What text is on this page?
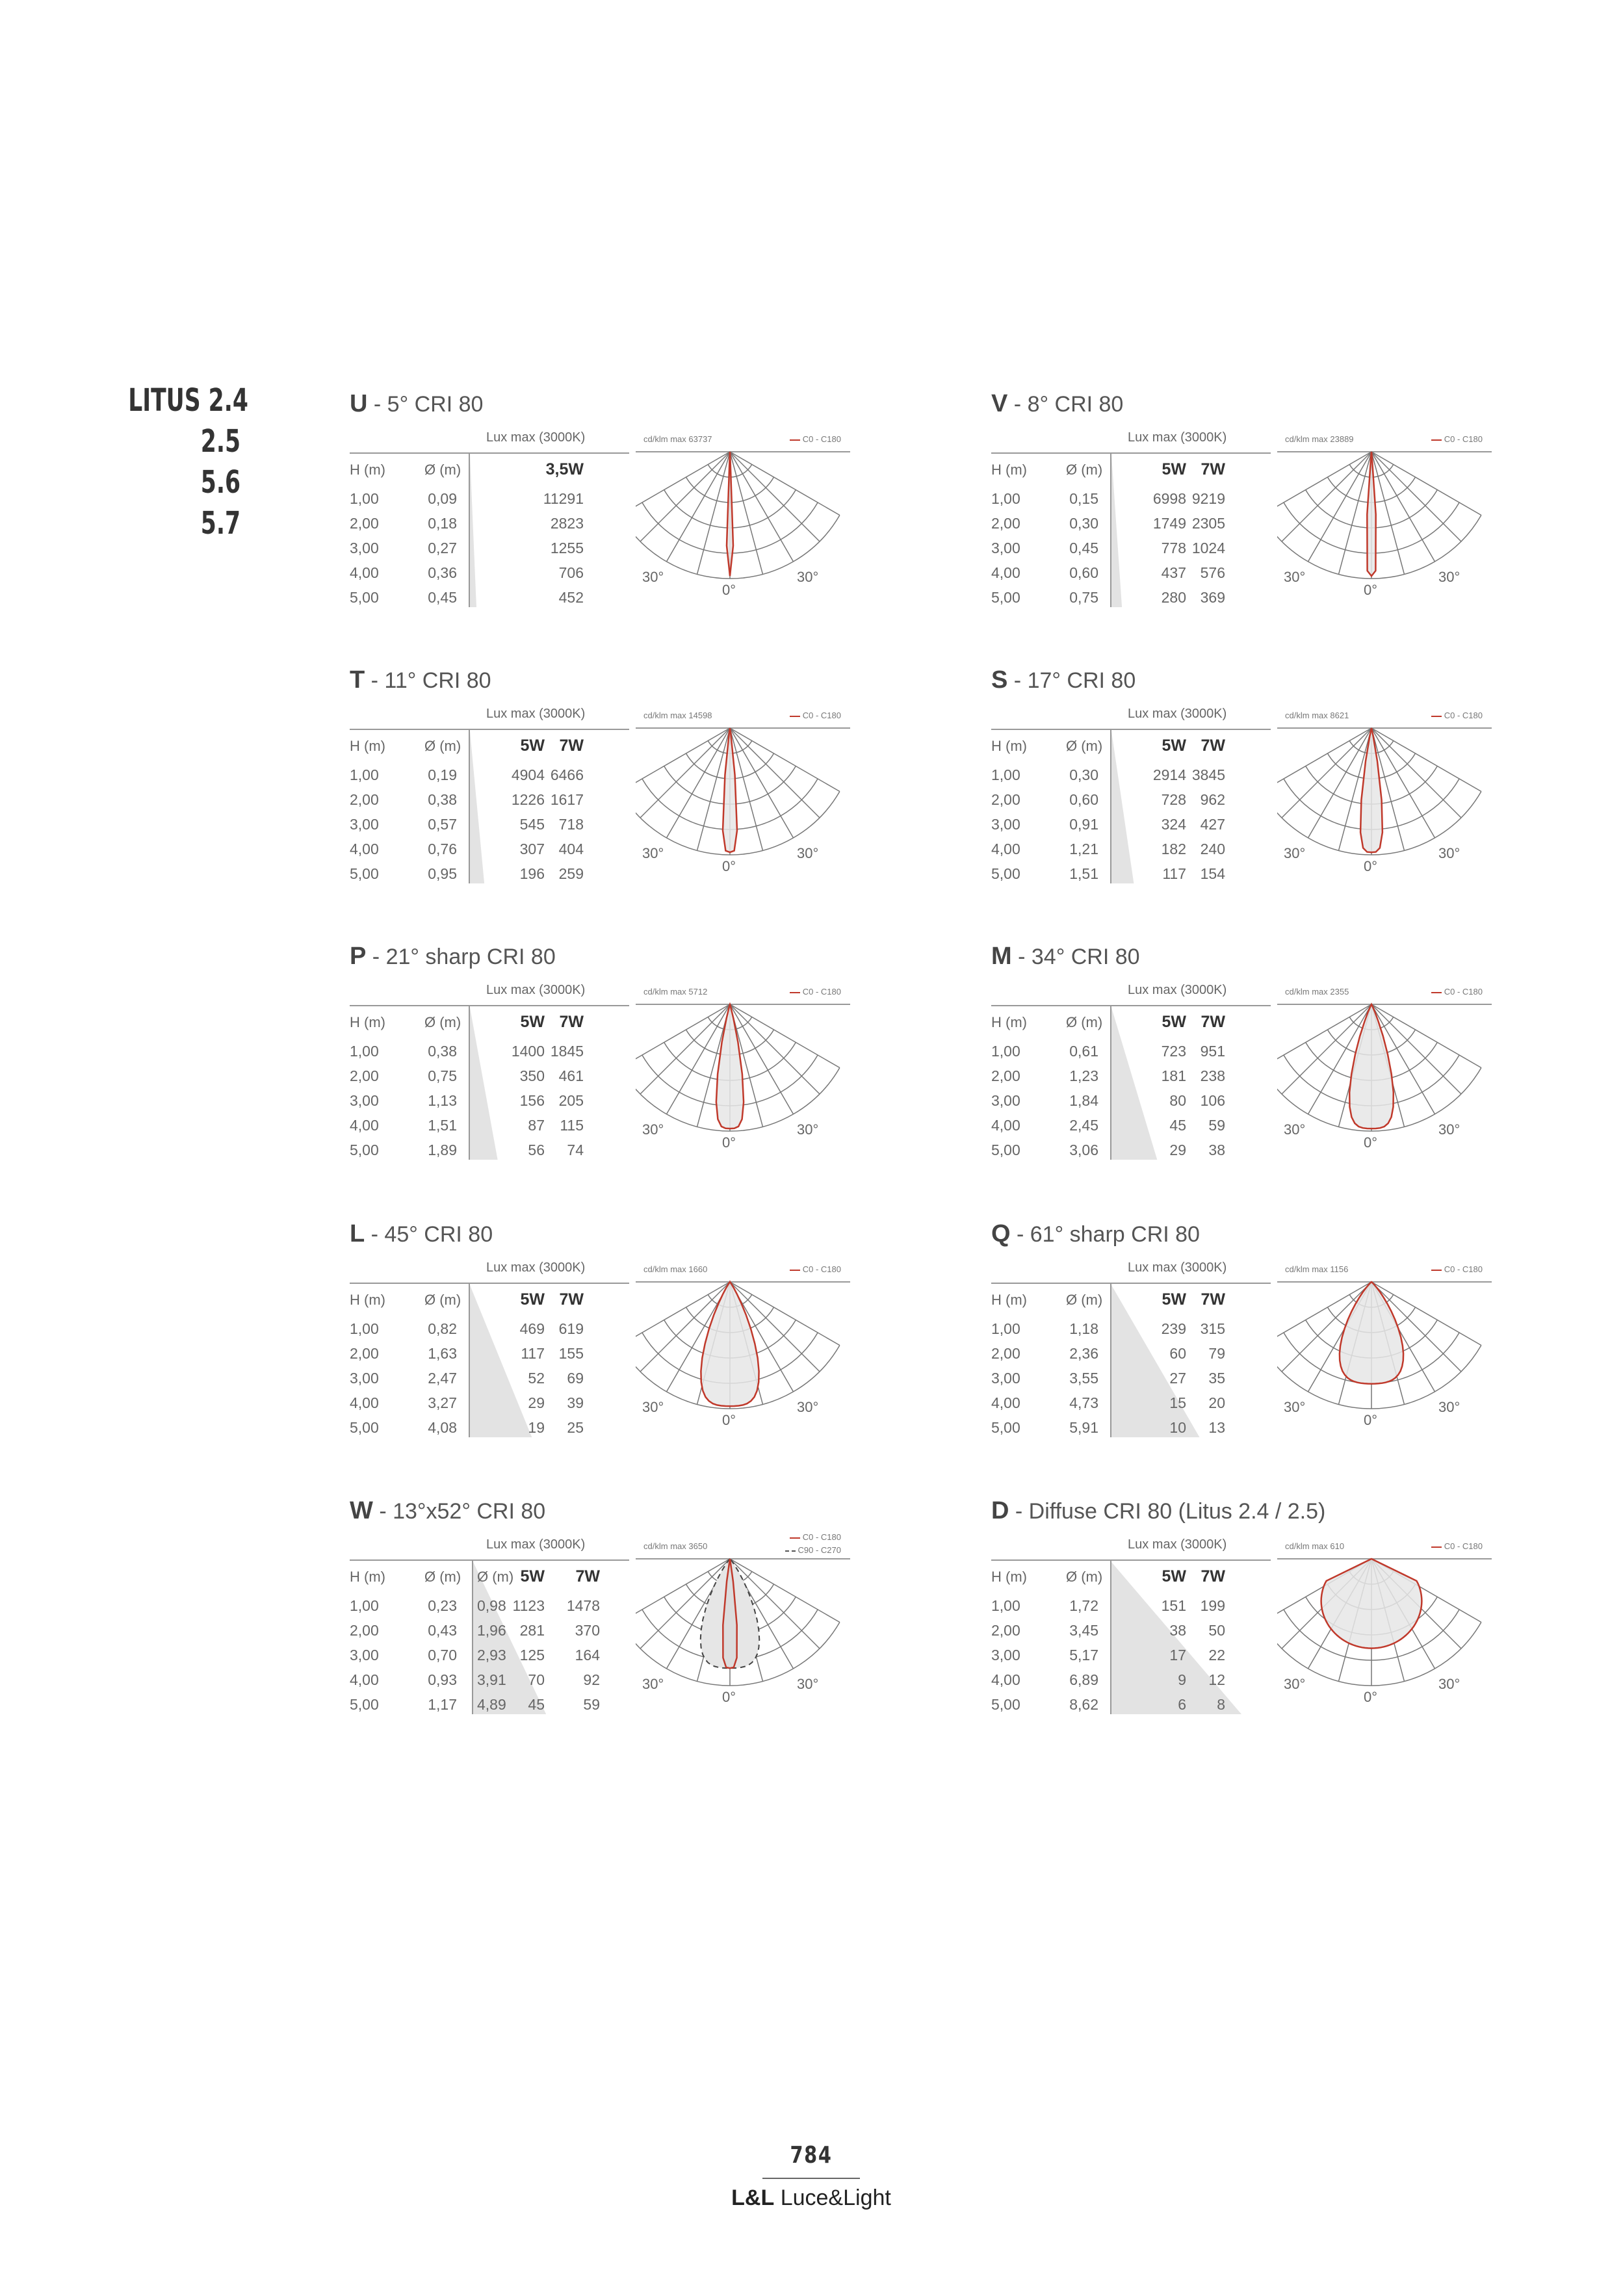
LITUS 2.4
2.5
5.6
5.7
U - 5° CRI 80
Lux max (3000K)
H (m)	Ø (m)	3,5W
1,00	0,09	11291
2,00	0,18	2823
3,00	0,27	1255
4,00	0,36	706
5,00	0,45	452
cd/klm max 63737	C0 - C180
30°	30°
0°
V - 8° CRI 80
Lux max (3000K)
H (m)	Ø (m)	5W 7W
1,00	0,15	6998 9219
2,00	0,30	1749 2305
3,00	0,45	778 1024
4,00	0,60	437 576
5,00	0,75	280 369
cd/klm max 23889	C0 - C180
30°	30°
0°
T - 11° CRI 80
Lux max (3000K)
H (m)	Ø (m)	5W 7W
1,00	0,19	4904 6466
2,00	0,38	1226 1617
3,00	0,57	545 718
4,00	0,76	307 404
5,00	0,95	196 259
cd/klm max 14598	C0 - C180
30°	30°
0°
S - 17° CRI 80
Lux max (3000K)
H (m)	Ø (m)	5W 7W
1,00	0,30	2914 3845
2,00	0,60	728 962
3,00	0,91	324 427
4,00	1,21	182 240
5,00	1,51	117 154
cd/klm max 8621	C0 - C180
30°	30°
0°
P - 21° sharp CRI 80
Lux max (3000K)
H (m)	Ø (m)	5W 7W
1,00	0,38	1400 1845
2,00	0,75	350 461
3,00	1,13	156 205
4,00	1,51	87 115
5,00	1,89	56 74
cd/klm max 5712	C0 - C180
30°	30°
0°
M - 34° CRI 80
Lux max (3000K)
H (m)	Ø (m)	5W 7W
1,00	0,61	723 951
2,00	1,23	181 238
3,00	1,84	80 106
4,00	2,45	45 59
5,00	3,06	29 38
cd/klm max 2355	C0 - C180
30°	30°
0°
L - 45° CRI 80
Lux max (3000K)
H (m)	Ø (m)	5W 7W
1,00	0,82	469 619
2,00	1,63	117 155
3,00	2,47	52 69
4,00	3,27	29 39
5,00	4,08	19 25
cd/klm max 1660	C0 - C180
30°	30°
0°
Q - 61° sharp CRI 80
Lux max (3000K)
H (m)	Ø (m)	5W 7W
1,00	1,18	239 315
2,00	2,36	60 79
3,00	3,55	27 35
4,00	4,73	15 20
5,00	5,91	10 13
cd/klm max 1156	C0 - C180
30°	30°
0°
W - 13°x52° CRI 80
Lux max (3000K)
H (m)	Ø (m) Ø (m) 5W 7W
1,00	0,23 0,98 1123 1478
2,00	0,43 1,96 281 370
3,00	0,70 2,93 125 164
4,00	0,93 3,91 70	92
5,00	1,17 4,89 45	59
cd/klm max 3650
C0 - C180
C90 - C270
30°	30°
0°
D - Diffuse CRI 80 (Litus 2.4 / 2.5)
Lux max (3000K)
H (m)	Ø (m)	5W 7W
1,00	1,72	151 199
2,00	3,45	38 50
3,00	5,17	17 22
4,00	6,89	9 12
5,00	8,62	6 8
cd/klm max 610	C0 - C180
30°	30°
0°
784
L&L Luce&Light
